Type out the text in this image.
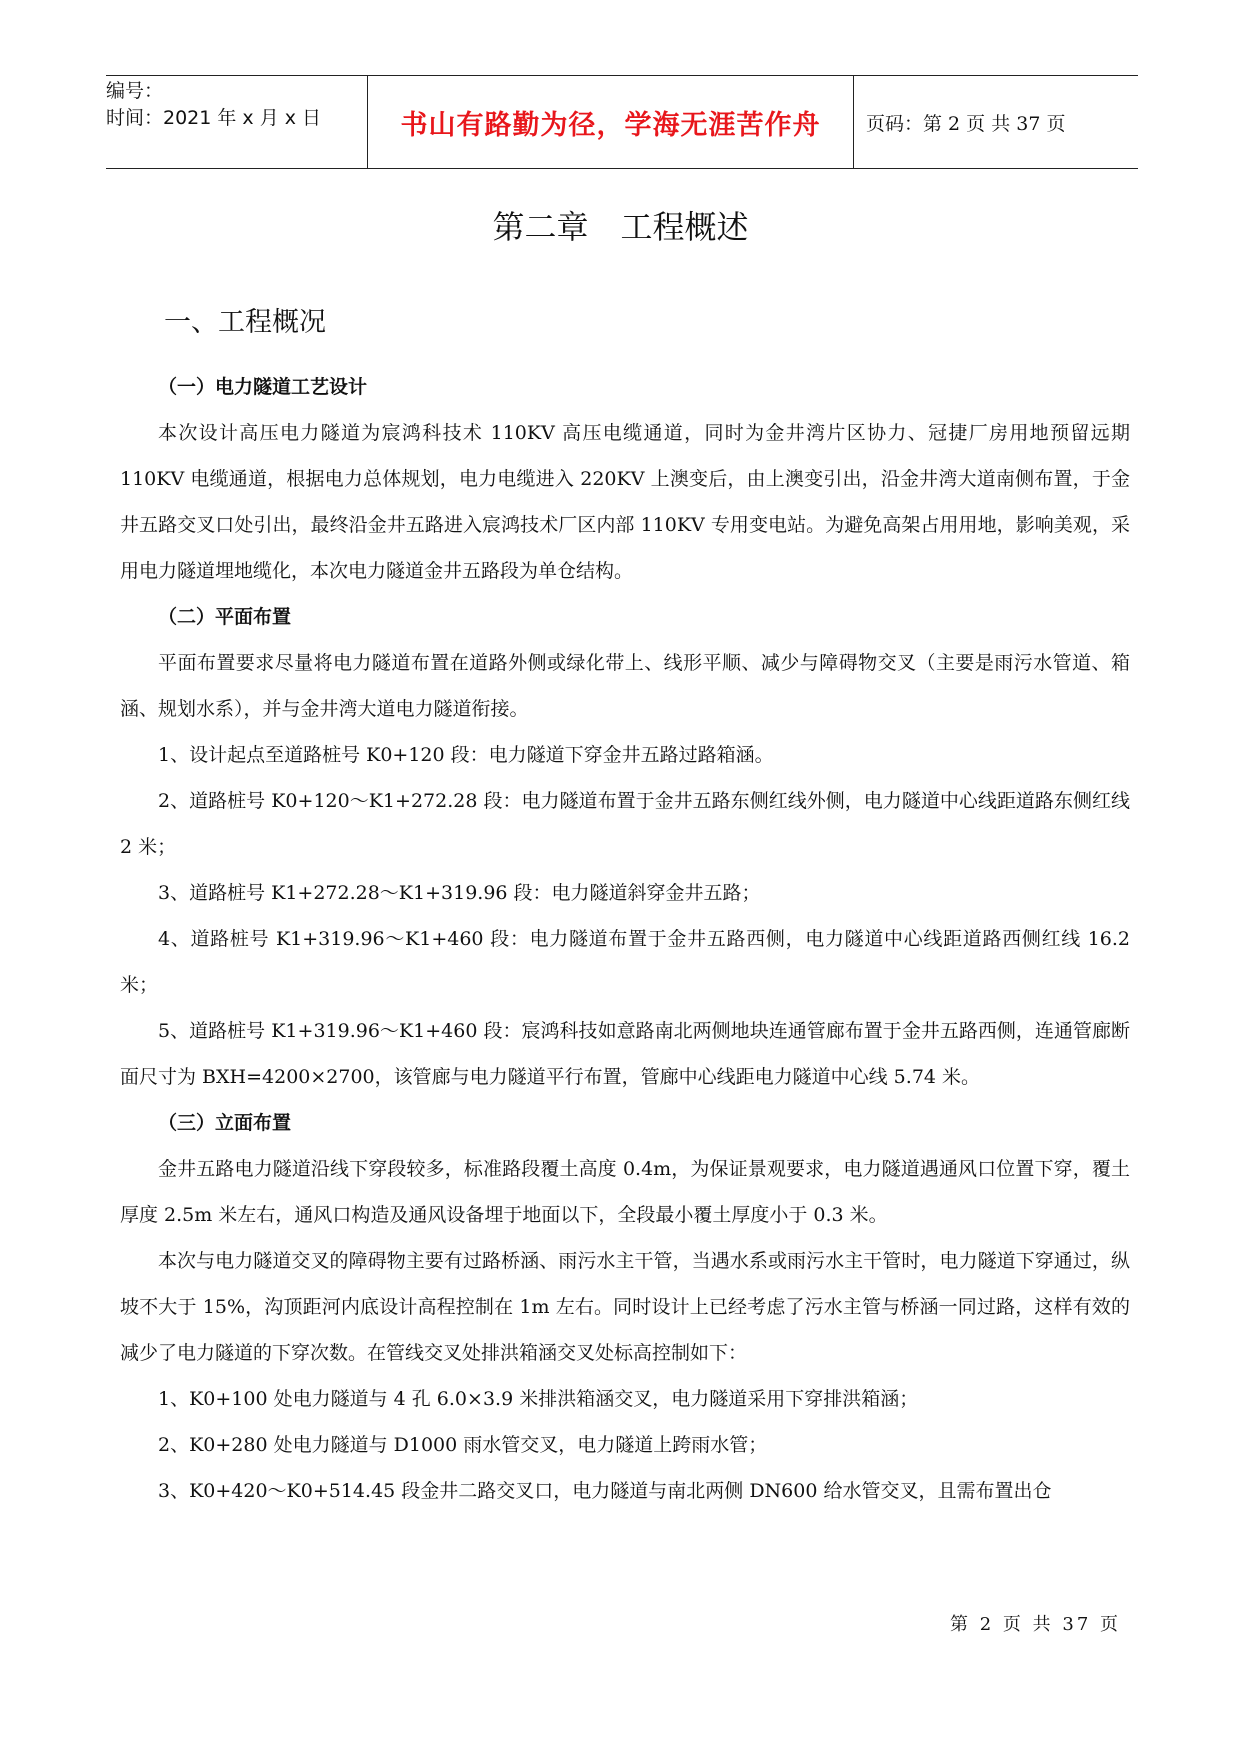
编号：
时间：2021 年 x 月 x 日	书山有路勤为径，学海无涯苦作舟	页码：第 2 页 共 37 页
第二章　工程概述
一、工程概况
（一）电力隧道工艺设计

本次设计高压电力隧道为宸鸿科技术 110KV 高压电缆通道，同时为金井湾片区协力、冠捷厂房用地预留远期 110KV 电缆通道，根据电力总体规划，电力电缆进入 220KV 上澳变后，由上澳变引出，沿金井湾大道南侧布置，于金井五路交叉口处引出，最终沿金井五路进入宸鸿技术厂区内部 110KV 专用变电站。为避免高架占用用地，影响美观，采用电力隧道埋地缆化，本次电力隧道金井五路段为单仓结构。

（二）平面布置

平面布置要求尽量将电力隧道布置在道路外侧或绿化带上、线形平顺、减少与障碍物交叉（主要是雨污水管道、箱涵、规划水系），并与金井湾大道电力隧道衔接。

1、设计起点至道路桩号 K0+120 段：电力隧道下穿金井五路过路箱涵。

2、道路桩号 K0+120～K1+272.28 段：电力隧道布置于金井五路东侧红线外侧，电力隧道中心线距道路东侧红线 2 米；

3、道路桩号 K1+272.28～K1+319.96 段：电力隧道斜穿金井五路；

4、道路桩号 K1+319.96～K1+460 段：电力隧道布置于金井五路西侧，电力隧道中心线距道路西侧红线 16.2 米；

5、道路桩号 K1+319.96～K1+460 段：宸鸿科技如意路南北两侧地块连通管廊布置于金井五路西侧，连通管廊断面尺寸为 BXH=4200×2700，该管廊与电力隧道平行布置，管廊中心线距电力隧道中心线 5.74 米。

（三）立面布置

金井五路电力隧道沿线下穿段较多，标准路段覆土高度 0.4m，为保证景观要求，电力隧道遇通风口位置下穿，覆土厚度 2.5m 米左右，通风口构造及通风设备埋于地面以下，全段最小覆土厚度小于 0.3 米。

本次与电力隧道交叉的障碍物主要有过路桥涵、雨污水主干管，当遇水系或雨污水主干管时，电力隧道下穿通过，纵坡不大于 15%，沟顶距河内底设计高程控制在 1m 左右。同时设计上已经考虑了污水主管与桥涵一同过路，这样有效的减少了电力隧道的下穿次数。在管线交叉处排洪箱涵交叉处标高控制如下：

1、K0+100 处电力隧道与 4 孔 6.0×3.9 米排洪箱涵交叉，电力隧道采用下穿排洪箱涵；

2、K0+280 处电力隧道与 D1000 雨水管交叉，电力隧道上跨雨水管；

3、K0+420～K0+514.45 段金井二路交叉口，电力隧道与南北两侧 DN600 给水管交叉，且需布置出仓

第 2 页 共 37 页
